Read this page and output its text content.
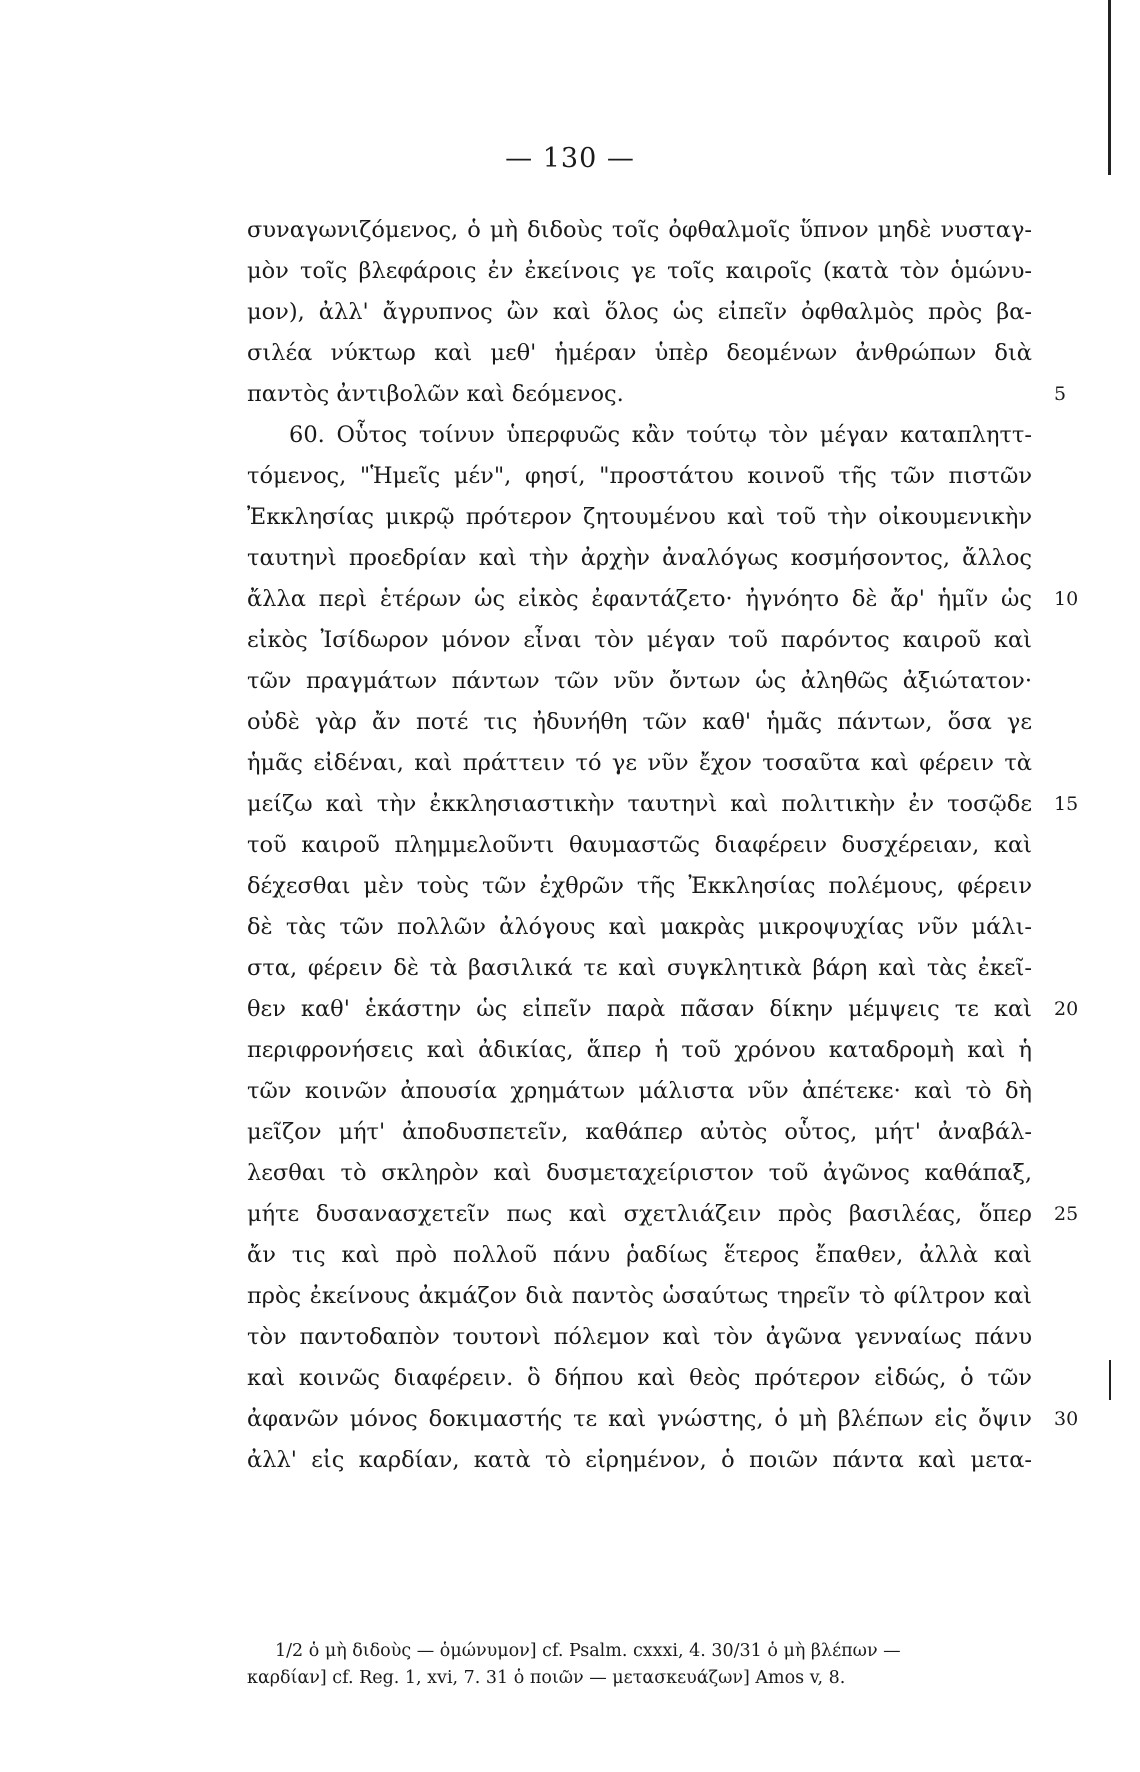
— 130 —
συναγωνιζόμενος, ὁ μὴ διδοὺς τοῖς ὀφθαλμοῖς ὕπνον μηδὲ νυσταγ-
μὸν τοῖς βλεφάροις ἐν ἐκείνοις γε τοῖς καιροῖς (κατὰ τὸν ὁμώνυ-
μον), ἀλλ' ἄγρυπνος ὢν καὶ ὅλος ὡς εἰπεῖν ὀφθαλμὸς πρὸς βα-
σιλέα νύκτωρ καὶ μεθ' ἡμέραν ὑπὲρ δεομένων ἀνθρώπων διὰ
παντὸς ἀντιβολῶν καὶ δεόμενος.	5
60. Οὗτος τοίνυν ὑπερφυῶς κἂν τούτῳ τὸν μέγαν καταπληττ-
τόμενος, "Ἡμεῖς μέν", φησί, "προστάτου κοινοῦ τῆς τῶν πιστῶν
Ἐκκλησίας μικρῷ πρότερον ζητουμένου καὶ τοῦ τὴν οἰκουμενικὴν
ταυτηνὶ προεδρίαν καὶ τὴν ἀρχὴν ἀναλόγως κοσμήσοντος, ἄλλος
ἄλλα περὶ ἑτέρων ὡς εἰκὸς ἐφαντάζετο· ἠγνόητο δὲ ἄρ' ἡμῖν ὡς 10
εἰκὸς Ἰσίδωρον μόνον εἶναι τὸν μέγαν τοῦ παρόντος καιροῦ καὶ
τῶν πραγμάτων πάντων τῶν νῦν ὄντων ὡς ἀληθῶς ἀξιώτατον·
οὐδὲ γὰρ ἄν ποτέ τις ἠδυνήθη τῶν καθ' ἡμᾶς πάντων, ὅσα γε
ἡμᾶς εἰδέναι, καὶ πράττειν τό γε νῦν ἔχον τοσαῦτα καὶ φέρειν τὰ
μείζω καὶ τὴν ἐκκλησιαστικὴν ταυτηνὶ καὶ πολιτικὴν ἐν τοσῷδε 15
τοῦ καιροῦ πλημμελοῦντι θαυμαστῶς διαφέρειν δυσχέρειαν, καὶ
δέχεσθαι μὲν τοὺς τῶν ἐχθρῶν τῆς Ἐκκλησίας πολέμους, φέρειν
δὲ τὰς τῶν πολλῶν ἀλόγους καὶ μακρὰς μικροψυχίας νῦν μάλι-
στα, φέρειν δὲ τὰ βασιλικά τε καὶ συγκλητικὰ βάρη καὶ τὰς ἐκεῖ-
θεν καθ' ἑκάστην ὡς εἰπεῖν παρὰ πᾶσαν δίκην μέμψεις τε καὶ 20
περιφρονήσεις καὶ ἀδικίας, ἅπερ ἡ τοῦ χρόνου καταδρομὴ καὶ ἡ
τῶν κοινῶν ἀπουσία χρημάτων μάλιστα νῦν ἀπέτεκε· καὶ τὸ δὴ
μεῖζον μήτ' ἀποδυσπετεῖν, καθάπερ αὐτὸς οὗτος, μήτ' ἀναβάλ-
λεσθαι τὸ σκληρὸν καὶ δυσμεταχείριστον τοῦ ἀγῶνος καθάπαξ,
μήτε δυσανασχετεῖν πως καὶ σχετλιάζειν πρὸς βασιλέας, ὅπερ 25
ἄν τις καὶ πρὸ πολλοῦ πάνυ ῥαδίως ἕτερος ἔπαθεν, ἀλλὰ καὶ
πρὸς ἐκείνους ἀκμάζον διὰ παντὸς ὡσαύτως τηρεῖν τὸ φίλτρον καὶ
τὸν παντοδαπὸν τουτονὶ πόλεμον καὶ τὸν ἀγῶνα γενναίως πάνυ
καὶ κοινῶς διαφέρειν. ὃ δήπου καὶ θεὸς πρότερον εἰδώς, ὁ τῶν
ἀφανῶν μόνος δοκιμαστής τε καὶ γνώστης, ὁ μὴ βλέπων εἰς ὄψιν 30
ἀλλ' εἰς καρδίαν, κατὰ τὸ εἰρημένον, ὁ ποιῶν πάντα καὶ μετα-
1/2 ὁ μὴ διδοὺς — ὁμώνυμον] cf. Psalm. cxxxi, 4. 30/31 ὁ μὴ βλέπων —
καρδίαν] cf. Reg. 1, xvi, 7. 31 ὁ ποιῶν — μετασκευάζων] Amos v, 8.
